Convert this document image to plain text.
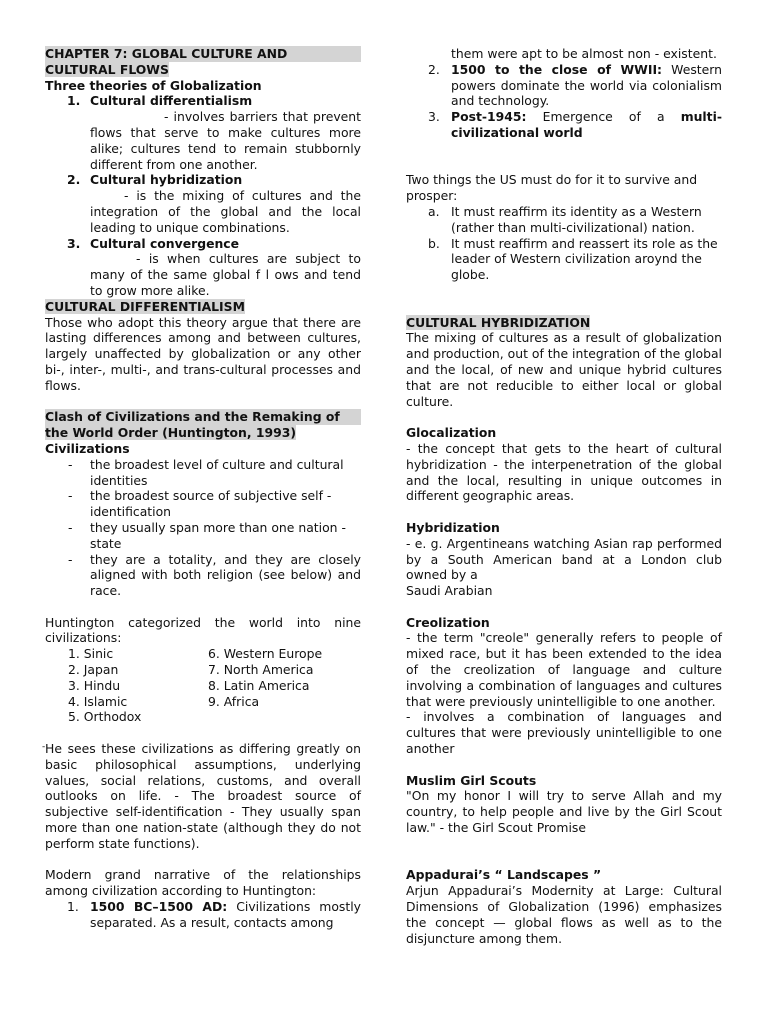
CHAPTER 7: GLOBAL CULTURE AND
CULTURAL FLOWS

Three theories of Globalization

1. Cultural differentialism
- involves barriers that prevent flows that serve to make cultures more alike; cultures tend to remain stubbornly different from one another.
2. Cultural hybridization
- is the mixing of cultures and the integration of the global and the local leading to unique combinations.
3. Cultural convergence
- is when cultures are subject to many of the same global f l ows and tend to grow more alike.

CULTURAL DIFFERENTIALISM

Those who adopt this theory argue that there are lasting differences among and between cultures, largely unaffected by globalization or any other bi-, inter-, multi-, and trans-cultural processes and flows.

Clash of Civilizations and the Remaking of
the World Order (Huntington, 1993)

Civilizations

- the broadest level of culture and cultural identities
- the broadest source of subjective self - identification
- they usually span more than one nation - state
- they are a totality, and they are closely aligned with both religion (see below) and race.

Huntington categorized the world into nine civilizations:

1. Sinic	6. Western Europe
2. Japan	7. North America
3. Hindu	8. Latin America
4. Islamic	9. Africa
5. Orthodox

- He sees these civilizations as differing greatly on basic philosophical assumptions, underlying values, social relations, customs, and overall outlooks on life. - The broadest source of subjective self-identification - They usually span more than one nation-state (although they do not perform state functions).

Modern grand narrative of the relationships among civilization according to Huntington:

1. 1500 BC–1500 AD: Civilizations mostly separated. As a result, contacts among
them were apt to be almost non - existent.
2. 1500 to the close of WWII: Western powers dominate the world via colonialism and technology.
3. Post-1945: Emergence of a multi-civilizational world

Two things the US must do for it to survive and prosper:

a. It must reaffirm its identity as a Western (rather than multi-civilizational) nation.
b. It must reaffirm and reassert its role as the leader of Western civilization aroynd the globe.

CULTURAL HYBRIDIZATION

The mixing of cultures as a result of globalization and production, out of the integration of the global and the local, of new and unique hybrid cultures that are not reducible to either local or global culture.

Glocalization

- the concept that gets to the heart of cultural hybridization - the interpenetration of the global and the local, resulting in unique outcomes in different geographic areas.

Hybridization

- e. g. Argentineans watching Asian rap performed by a South American band at a London club owned by a

Saudi Arabian

Creolization

- the term "creole" generally refers to people of mixed race, but it has been extended to the idea of the creolization of language and culture involving a combination of languages and cultures that were previously unintelligible to one another.

- involves a combination of languages and cultures that were previously unintelligible to one another

Muslim Girl Scouts

"On my honor I will try to serve Allah and my country, to help people and live by the Girl Scout law." - the Girl Scout Promise

Appadurai’s “ Landscapes ”

Arjun Appadurai’s Modernity at Large: Cultural Dimensions of Globalization (1996) emphasizes the concept — global flows as well as to the disjuncture among them.
